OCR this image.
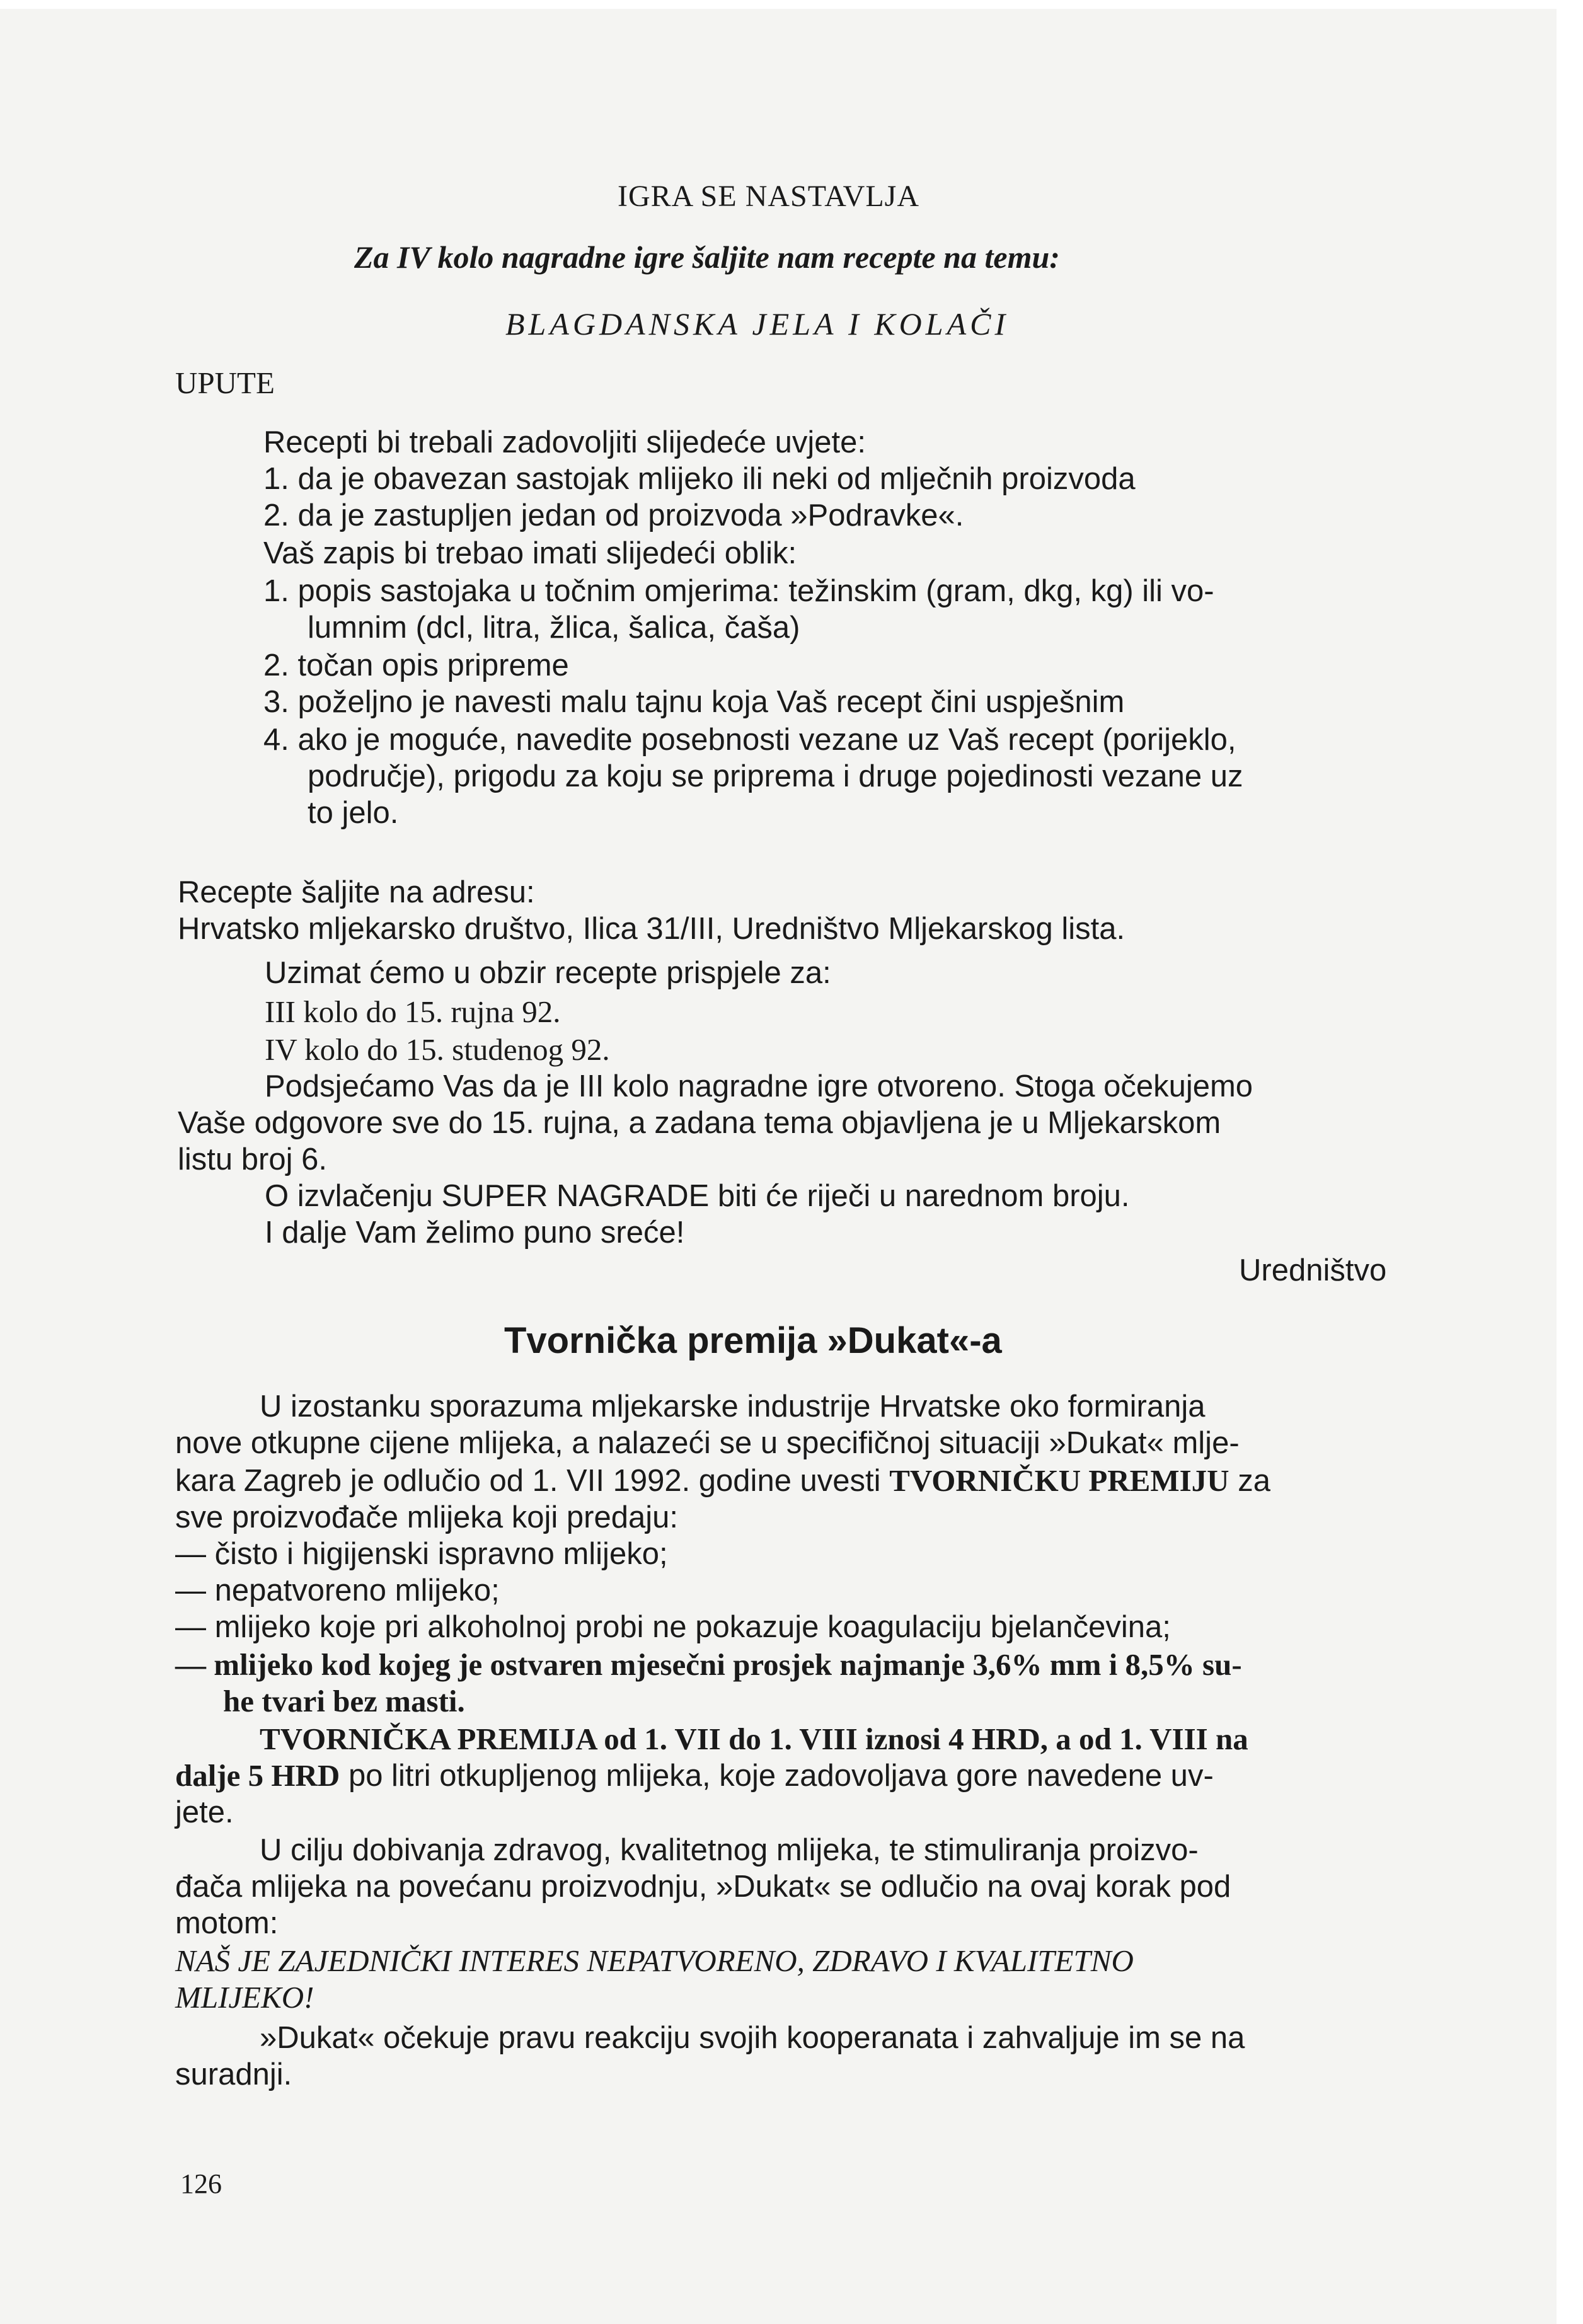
IGRA SE NASTAVLJA
Za IV kolo nagradne igre šaljite nam recepte na temu:
BLAGDANSKA JELA I KOLAČI
UPUTE
Recepti bi trebali zadovoljiti slijedeće uvjete:
1. da je obavezan sastojak mlijeko ili neki od mlječnih proizvoda
2. da je zastupljen jedan od proizvoda »Podravke«.
Vaš zapis bi trebao imati slijedeći oblik:
1. popis sastojaka u točnim omjerima: težinskim (gram, dkg, kg) ili vo-
lumnim (dcl, litra, žlica, šalica, čaša)
2. točan opis pripreme
3. poželjno je navesti malu tajnu koja Vaš recept čini uspješnim
4. ako je moguće, navedite posebnosti vezane uz Vaš recept (porijeklo,
područje), prigodu za koju se priprema i druge pojedinosti vezane uz
to jelo.
Recepte šaljite na adresu:
Hrvatsko mljekarsko društvo, Ilica 31/III, Uredništvo Mljekarskog lista.
Uzimat ćemo u obzir recepte prispjele za:
III kolo do 15. rujna 92.
IV kolo do 15. studenog 92.
Podsjećamo Vas da je III kolo nagradne igre otvoreno. Stoga očekujemo
Vaše odgovore sve do 15. rujna, a zadana tema objavljena je u Mljekarskom
listu broj 6.
O izvlačenju SUPER NAGRADE biti će riječi u narednom broju.
I dalje Vam želimo puno sreće!
Uredništvo
Tvornička premija »Dukat«-a
U izostanku sporazuma mljekarske industrije Hrvatske oko formiranja
nove otkupne cijene mlijeka, a nalazeći se u specifičnoj situaciji »Dukat« mlje-
kara Zagreb je odlučio od 1. VII 1992. godine uvesti TVORNIČKU PREMIJU za
sve proizvođače mlijeka koji predaju:
— čisto i higijenski ispravno mlijeko;
— nepatvoreno mlijeko;
— mlijeko koje pri alkoholnoj probi ne pokazuje koagulaciju bjelančevina;
— mlijeko kod kojeg je ostvaren mjesečni prosjek najmanje 3,6% mm i 8,5% su-
he tvari bez masti.
TVORNIČKA PREMIJA od 1. VII do 1. VIII iznosi 4 HRD, a od 1. VIII na
dalje 5 HRD po litri otkupljenog mlijeka, koje zadovoljava gore navedene uv-
jete.
U cilju dobivanja zdravog, kvalitetnog mlijeka, te stimuliranja proizvo-
đača mlijeka na povećanu proizvodnju, »Dukat« se odlučio na ovaj korak pod
motom:
NAŠ JE ZAJEDNIČKI INTERES NEPATVORENO, ZDRAVO I KVALITETNO
MLIJEKO!
»Dukat« očekuje pravu reakciju svojih kooperanata i zahvaljuje im se na
suradnji.
126
